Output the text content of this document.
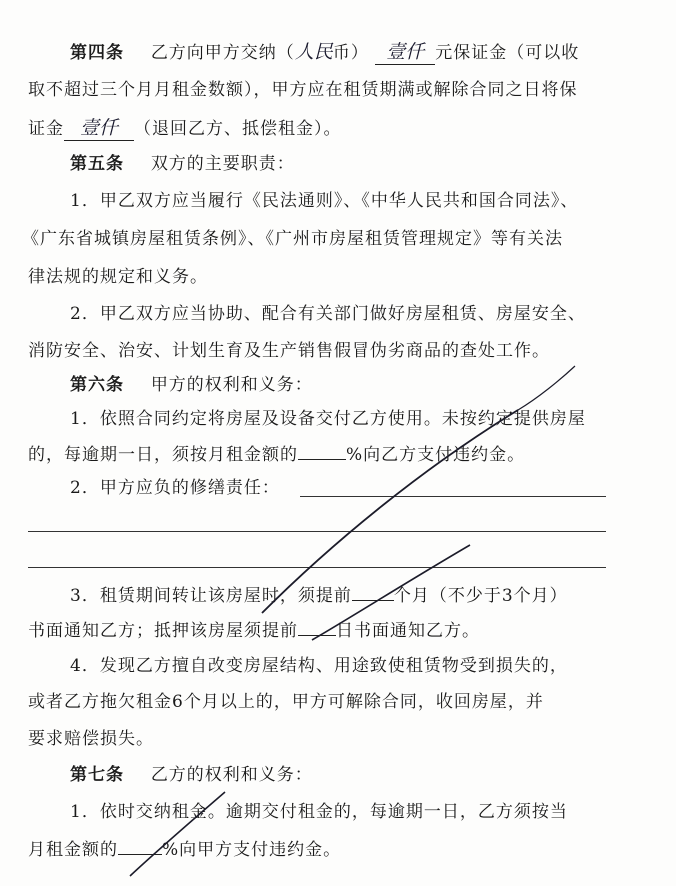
第四条 乙方向甲方交纳（人民币） 壹仟 元保证金（可以收
取不超过三个月月租金数额），甲方应在租赁期满或解除合同之日将保
证金 壹仟 （退回乙方、抵偿租金）。
第五条 双方的主要职责：
1．甲乙双方应当履行《民法通则》、《中华人民共和国合同法》、
《广东省城镇房屋租赁条例》、《广州市房屋租赁管理规定》等有关法
律法规的规定和义务。
2．甲乙双方应当协助、配合有关部门做好房屋租赁、房屋安全、
消防安全、治安、计划生育及生产销售假冒伪劣商品的查处工作。
第六条 甲方的权利和义务：
1．依照合同约定将房屋及设备交付乙方使用。未按约定提供房屋
的，每逾期一日，须按月租金额的	%向乙方支付违约金。
2．甲方应负的修缮责任：
3．租赁期间转让该房屋时，须提前 个月（不少于3个月）
书面通知乙方；抵押该房屋须提前 日书面通知乙方。
4．发现乙方擅自改变房屋结构、用途致使租赁物受到损失的，
或者乙方拖欠租金6个月以上的，甲方可解除合同，收回房屋，并
要求赔偿损失。
第七条 乙方的权利和义务：
1．依时交纳租金。逾期交付租金的，每逾期一日，乙方须按当
月租金额的	%向甲方支付违约金。
